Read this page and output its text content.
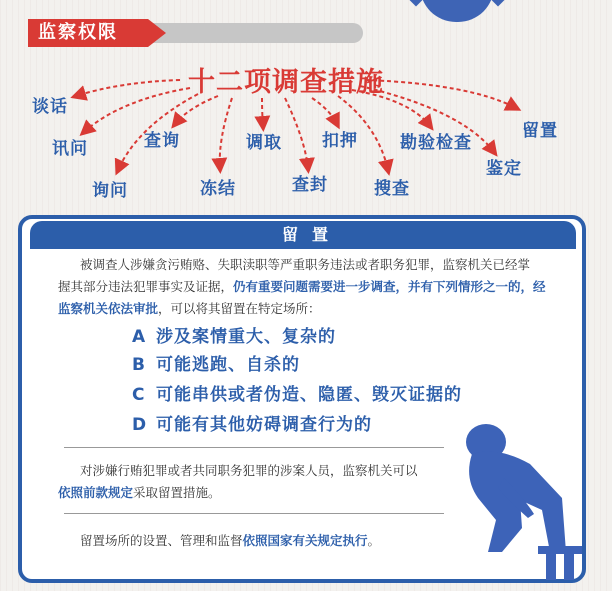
监察权限
十二项调查措施
谈话
讯问
询问
查询
冻结
调取
查封
扣押
搜查
勘验检查
鉴定
留置
留置
被调查人涉嫌贪污贿赂、失职渎职等严重职务违法或者职务犯罪，监察机关已经掌
握其部分违法犯罪事实及证据，仍有重要问题需要进一步调查，并有下列情形之一的，经
监察机关依法审批，可以将其留置在特定场所：
A 涉及案情重大、复杂的
B 可能逃跑、自杀的
C 可能串供或者伪造、隐匿、毁灭证据的
D 可能有其他妨碍调查行为的
对涉嫌行贿犯罪或者共同职务犯罪的涉案人员，监察机关可以
依照前款规定采取留置措施。
留置场所的设置、管理和监督依照国家有关规定执行。
